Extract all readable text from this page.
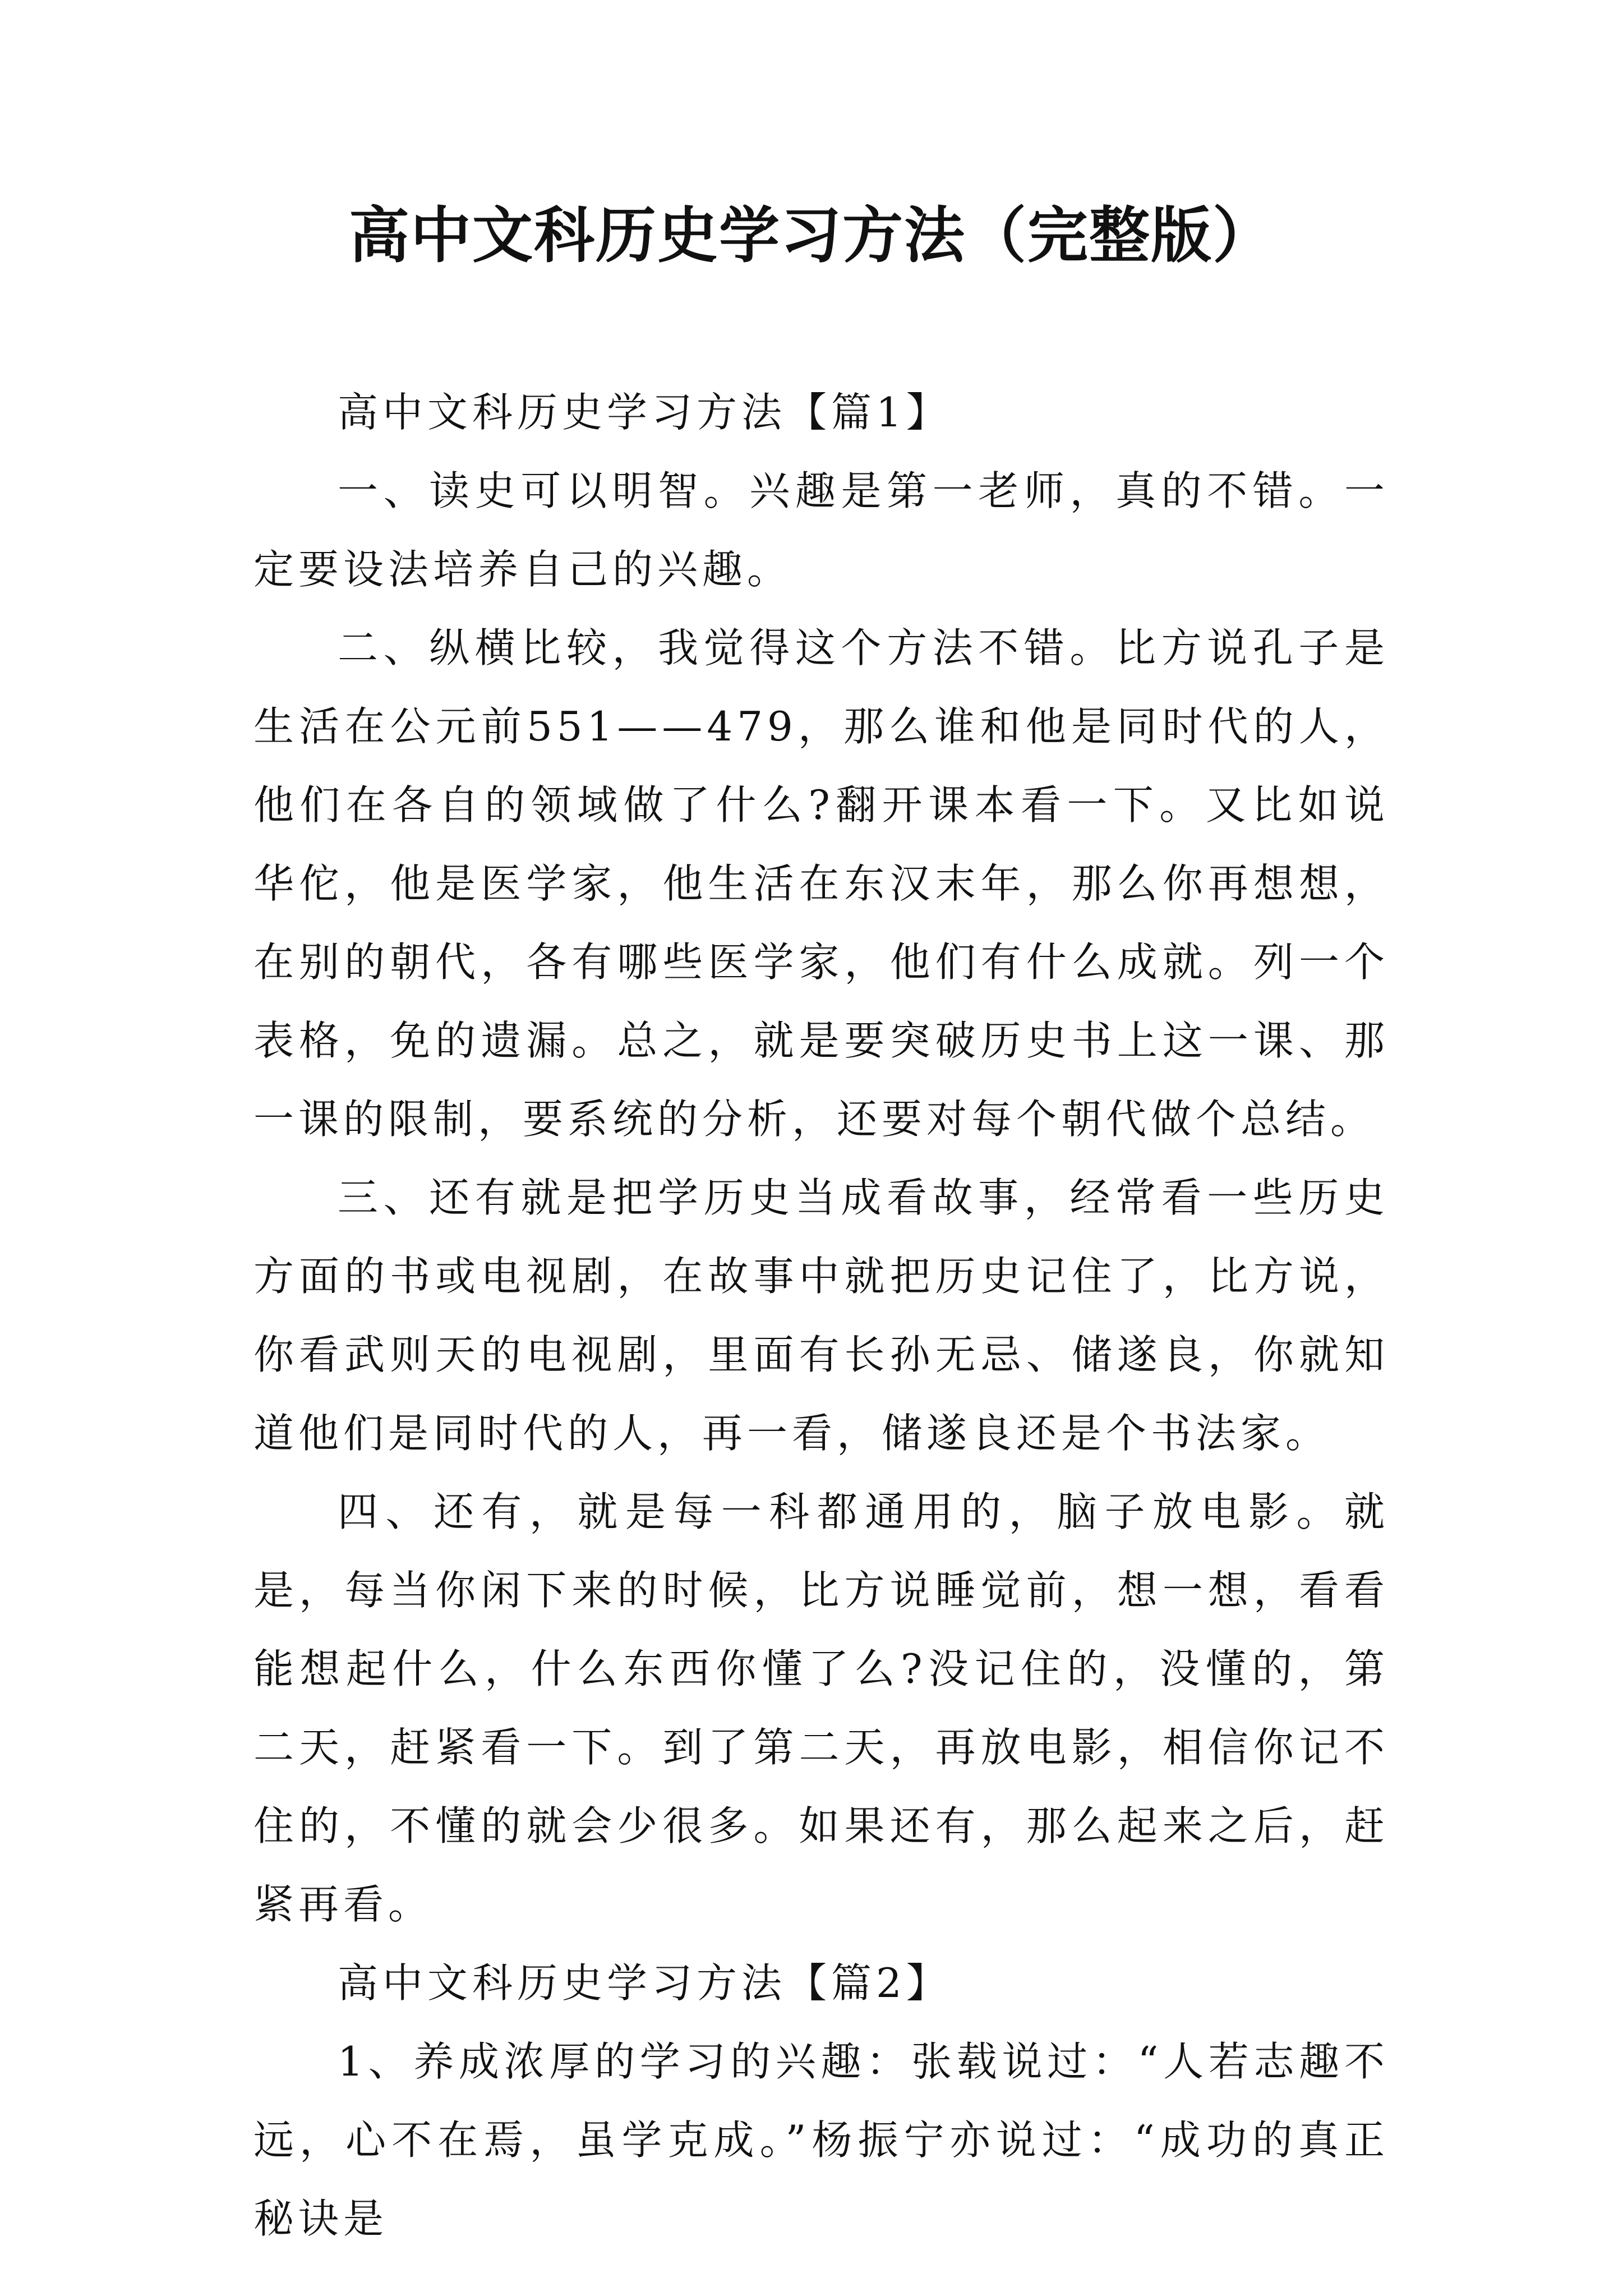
高中文科历史学习方法（完整版）

高中文科历史学习方法【篇1】

一、读史可以明智。兴趣是第一老师，真的不错。一定要设法培养自己的兴趣。

二、纵横比较，我觉得这个方法不错。比方说孔子是生活在公元前551——479，那么谁和他是同时代的人，他们在各自的领域做了什么?翻开课本看一下。又比如说华佗，他是医学家，他生活在东汉末年，那么你再想想，在别的朝代，各有哪些医学家，他们有什么成就。列一个表格，免的遗漏。总之，就是要突破历史书上这一课、那一课的限制，要系统的分析，还要对每个朝代做个总结。

三、还有就是把学历史当成看故事，经常看一些历史方面的书或电视剧，在故事中就把历史记住了，比方说，你看武则天的电视剧，里面有长孙无忌、储遂良，你就知道他们是同时代的人，再一看，储遂良还是个书法家。

四、还有，就是每一科都通用的，脑子放电影。就是，每当你闲下来的时候，比方说睡觉前，想一想，看看能想起什么，什么东西你懂了么?没记住的，没懂的，第二天，赶紧看一下。到了第二天，再放电影，相信你记不住的，不懂的就会少很多。如果还有，那么起来之后，赶紧再看。

高中文科历史学习方法【篇2】

1、养成浓厚的学习的兴趣：张载说过：“人若志趣不远，心不在焉，虽学克成。”杨振宁亦说过：“成功的真正秘诀是
